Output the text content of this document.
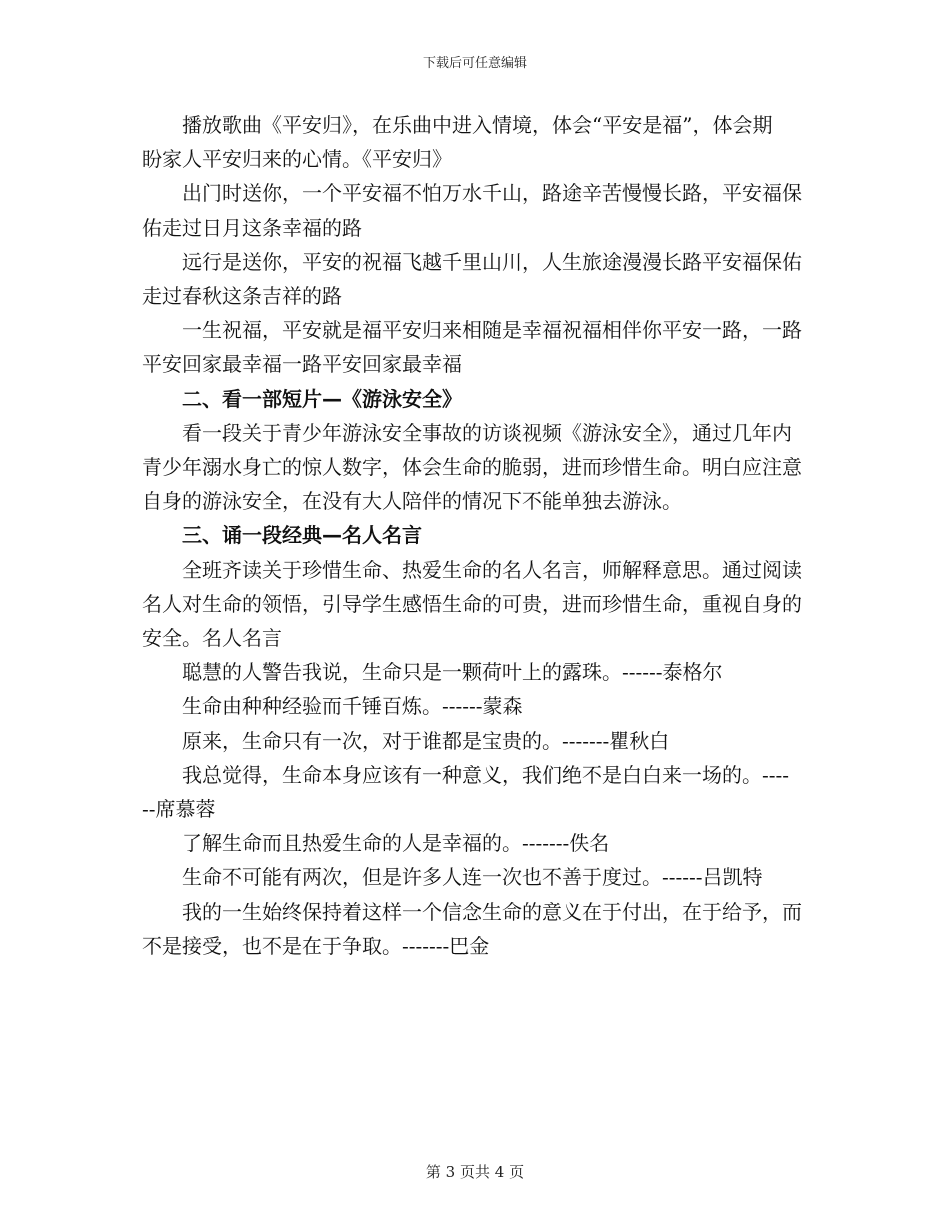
下载后可任意编辑

播放歌曲《平安归》，在乐曲中进入情境，体会“平安是福”，体会期盼家人平安归来的心情。《平安归》

出门时送你，一个平安福不怕万水千山，路途辛苦慢慢长路，平安福保佑走过日月这条幸福的路

远行是送你，平安的祝福飞越千里山川，人生旅途漫漫长路平安福保佑走过春秋这条吉祥的路

一生祝福，平安就是福平安归来相随是幸福祝福相伴你平安一路，一路平安回家最幸福一路平安回家最幸福

二、看一部短片—《游泳安全》

看一段关于青少年游泳安全事故的访谈视频《游泳安全》，通过几年内青少年溺水身亡的惊人数字，体会生命的脆弱，进而珍惜生命。明白应注意自身的游泳安全，在没有大人陪伴的情况下不能单独去游泳。

三、诵一段经典—名人名言

全班齐读关于珍惜生命、热爱生命的名人名言，师解释意思。通过阅读名人对生命的领悟，引导学生感悟生命的可贵，进而珍惜生命，重视自身的安全。名人名言

聪慧的人警告我说，生命只是一颗荷叶上的露珠。------泰格尔

生命由种种经验而千锤百炼。------蒙森

原来，生命只有一次，对于谁都是宝贵的。-------瞿秋白

我总觉得，生命本身应该有一种意义，我们绝不是白白来一场的。------席慕蓉

了解生命而且热爱生命的人是幸福的。-------佚名

生命不可能有两次，但是许多人连一次也不善于度过。------吕凯特

我的一生始终保持着这样一个信念生命的意义在于付出，在于给予，而不是接受，也不是在于争取。-------巴金

第 3 页共 4 页
